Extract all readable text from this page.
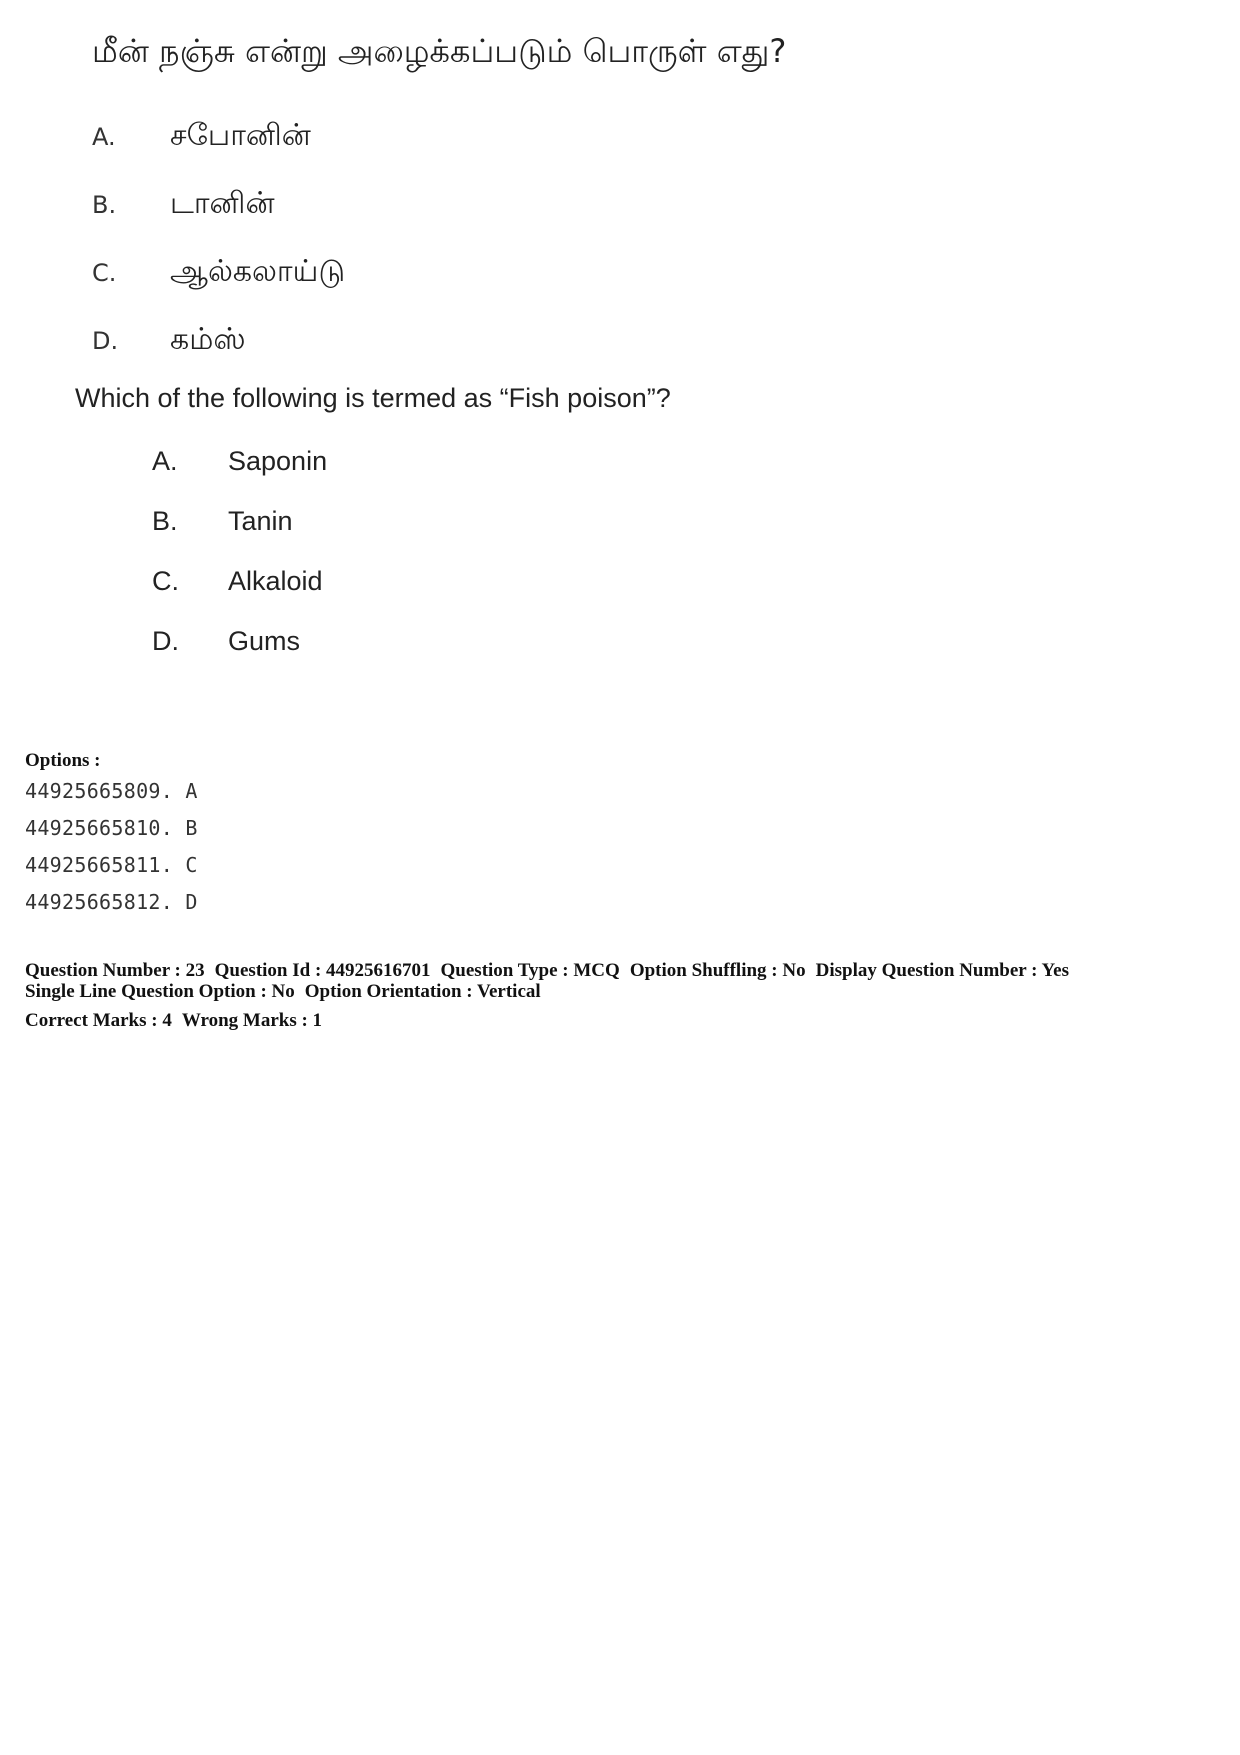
மீன் நஞ்சு என்று அழைக்கப்படும் பொருள் எது?
A. சபோனின்
B. டானின்
C. ஆல்கலாய்டு
D. கம்ஸ்
Which of the following is termed as “Fish poison”?
A. Saponin
B. Tanin
C. Alkaloid
D. Gums
Options :
44925665809. A
44925665810. B
44925665811. C
44925665812. D
Question Number : 23 Question Id : 44925616701 Question Type : MCQ Option Shuffling : No Display Question Number : Yes
Single Line Question Option : No Option Orientation : Vertical
Correct Marks : 4 Wrong Marks : 1
